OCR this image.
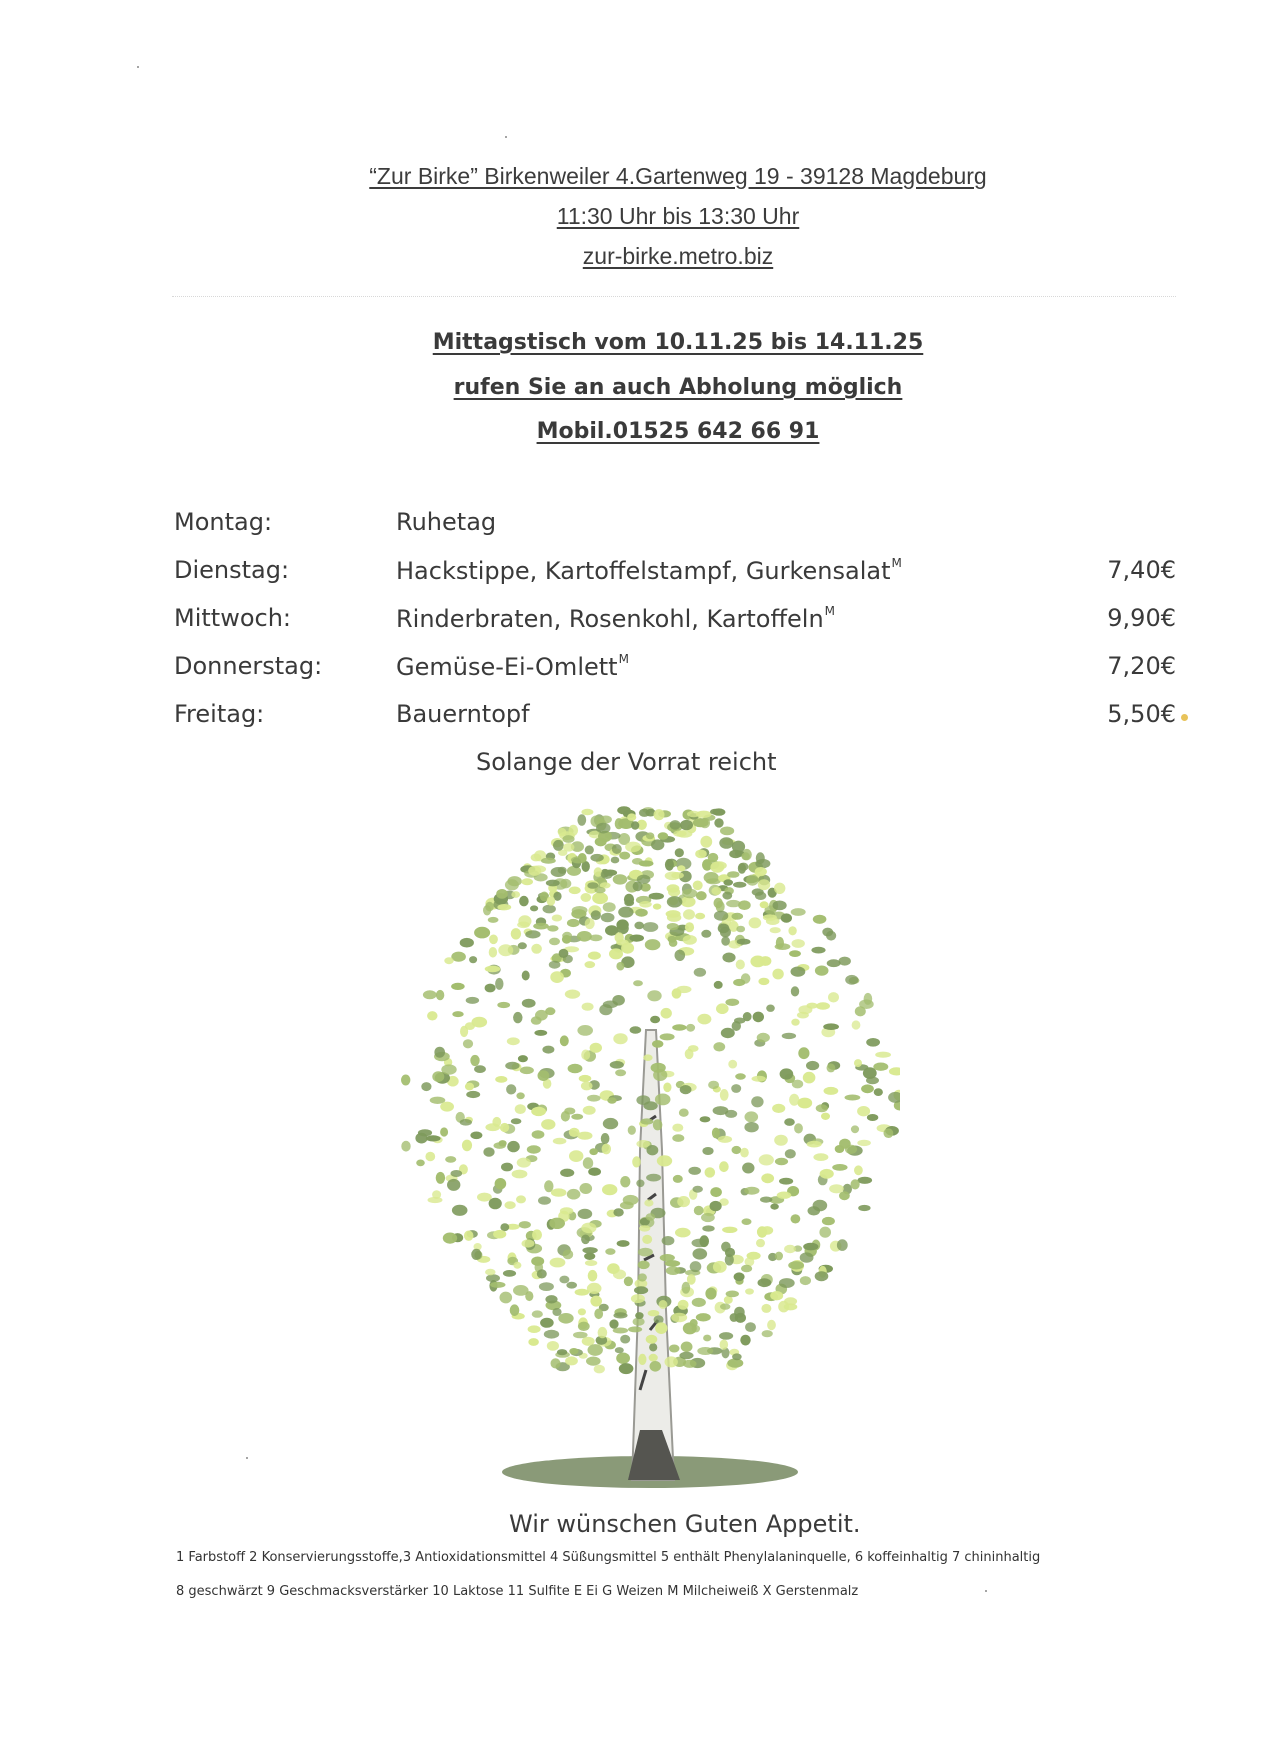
“Zur Birke” Birkenweiler 4.Gartenweg 19 - 39128 Magdeburg
11:30 Uhr bis 13:30 Uhr
zur-birke.metro.biz
Mittagstisch vom 10.11.25 bis 14.11.25
rufen Sie an auch Abholung möglich
Mobil.01525 642 66 91
Montag:	Ruhetag
Dienstag:	Hackstippe, Kartoffelstampf, Gurkensalat$^M$	7,40€
Mittwoch:	Rinderbraten, Rosenkohl, Kartoffeln$^M$	9,90€
Donnerstag:	Gemüse-Ei-Omlett$^M$	7,20€
Freitag:	Bauerntopf	5,50€
Solange der Vorrat reicht
Wir wünschen Guten Appetit.
1 Farbstoff 2 Konservierungsstoffe,3 Antioxidationsmittel 4 Süßungsmittel 5 enthält Phenylalaninquelle, 6 koffeinhaltig 7 chininhaltig
8 geschwärzt 9 Geschmacksverstärker 10 Laktose 11 Sulfite E Ei G Weizen M Milcheiweiß X Gerstenmalz
